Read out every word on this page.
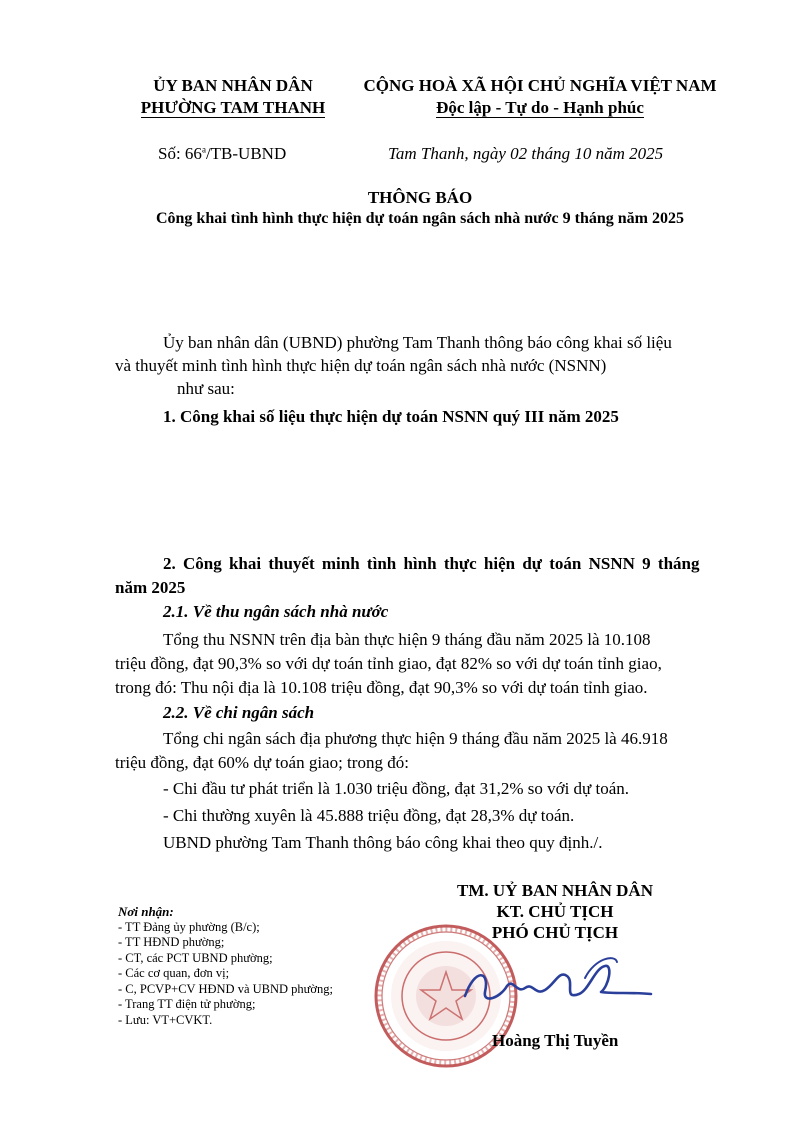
ỦY BAN NHÂN DÂN
PHƯỜNG TAM THANH
CỘNG HOÀ XÃ HỘI CHỦ NGHĨA VIỆT NAM
Độc lập - Tự do - Hạnh phúc
Số: 66$^a$/TB-UBND	Tam Thanh, ngày 02 tháng 10 năm 2025
THÔNG BÁO
Công khai tình hình thực hiện dự toán ngân sách nhà nước 9 tháng năm 2025
Ủy ban nhân dân (UBND) phường Tam Thanh thông báo công khai số liệu
và thuyết minh tình hình thực hiện dự toán ngân sách nhà nước (NSNN)
như sau:
1. Công khai số liệu thực hiện dự toán NSNN quý III năm 2025
2. Công khai thuyết minh tình hình thực hiện dự toán NSNN 9 tháng
năm 2025
2.1. Về thu ngân sách nhà nước
Tổng thu NSNN trên địa bàn thực hiện 9 tháng đầu năm 2025 là 10.108
triệu đồng, đạt 90,3% so với dự toán tỉnh giao, đạt 82% so với dự toán tỉnh giao,
trong đó: Thu nội địa là 10.108 triệu đồng, đạt 90,3% so với dự toán tỉnh giao.
2.2. Về chi ngân sách
Tổng chi ngân sách địa phương thực hiện 9 tháng đầu năm 2025 là 46.918
triệu đồng, đạt 60% dự toán giao; trong đó:
- Chi đầu tư phát triển là 1.030 triệu đồng, đạt 31,2% so với dự toán.
- Chi thường xuyên là 45.888 triệu đồng, đạt 28,3% dự toán.
UBND phường Tam Thanh thông báo công khai theo quy định./.
TM. UỶ BAN NHÂN DÂN
KT. CHỦ TỊCH
PHÓ CHỦ TỊCH
Hoàng Thị Tuyền
Nơi nhận:
- TT Đảng ủy phường (B/c);
- TT HĐND phường;
- CT, các PCT UBND phường;
- Các cơ quan, đơn vị;
- C, PCVP+CV HĐND và UBND phường;
- Trang TT điện tử phường;
- Lưu: VT+CVKT.
